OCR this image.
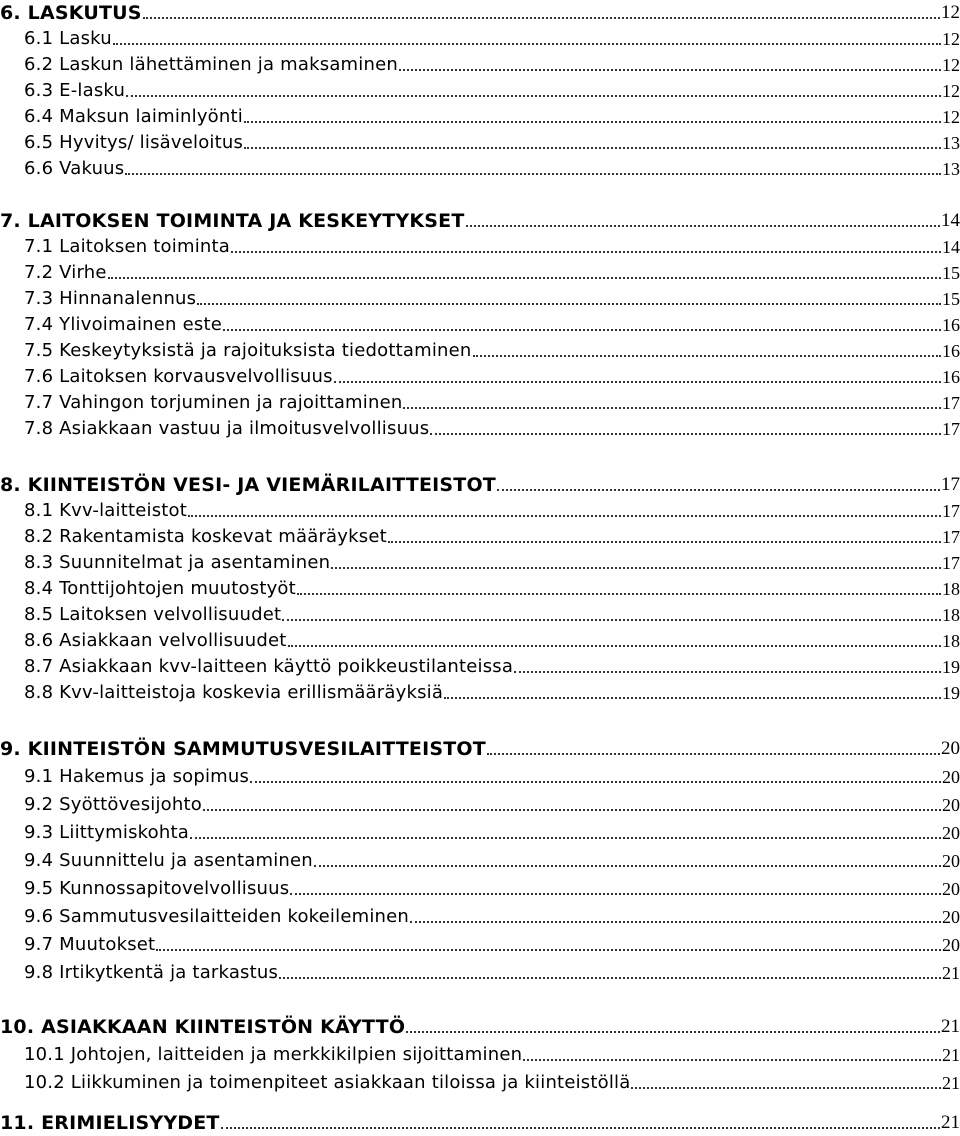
6. LASKUTUS	12
6.1 Lasku	12
6.2 Laskun lähettäminen ja maksaminen	12
6.3 E-lasku	12
6.4 Maksun laiminlyönti	12
6.5 Hyvitys/ lisäveloitus	13
6.6 Vakuus	13
7. LAITOKSEN TOIMINTA JA KESKEYTYKSET	14
7.1 Laitoksen toiminta	14
7.2 Virhe	15
7.3 Hinnanalennus	15
7.4 Ylivoimainen este	16
7.5 Keskeytyksistä ja rajoituksista tiedottaminen	16
7.6 Laitoksen korvausvelvollisuus	16
7.7 Vahingon torjuminen ja rajoittaminen	17
7.8 Asiakkaan vastuu ja ilmoitusvelvollisuus	17
8. KIINTEISTÖN VESI- JA VIEMÄRILAITTEISTOT	17
8.1 Kvv-laitteistot	17
8.2 Rakentamista koskevat määräykset	17
8.3 Suunnitelmat ja asentaminen	17
8.4 Tonttijohtojen muutostyöt	18
8.5 Laitoksen velvollisuudet	18
8.6 Asiakkaan velvollisuudet	18
8.7 Asiakkaan kvv-laitteen käyttö poikkeustilanteissa	19
8.8 Kvv-laitteistoja koskevia erillismääräyksiä	19
9. KIINTEISTÖN SAMMUTUSVESILAITTEISTOT	20
9.1 Hakemus ja sopimus	20
9.2 Syöttövesijohto	20
9.3 Liittymiskohta	20
9.4 Suunnittelu ja asentaminen	20
9.5 Kunnossapitovelvollisuus	20
9.6 Sammutusvesilaitteiden kokeileminen	20
9.7 Muutokset	20
9.8 Irtikytkentä ja tarkastus	21
10. ASIAKKAAN KIINTEISTÖN KÄYTTÖ	21
10.1 Johtojen, laitteiden ja merkkikilpien sijoittaminen	21
10.2 Liikkuminen ja toimenpiteet asiakkaan tiloissa ja kiinteistöllä	21
11. ERIMIELISYYDET	21
